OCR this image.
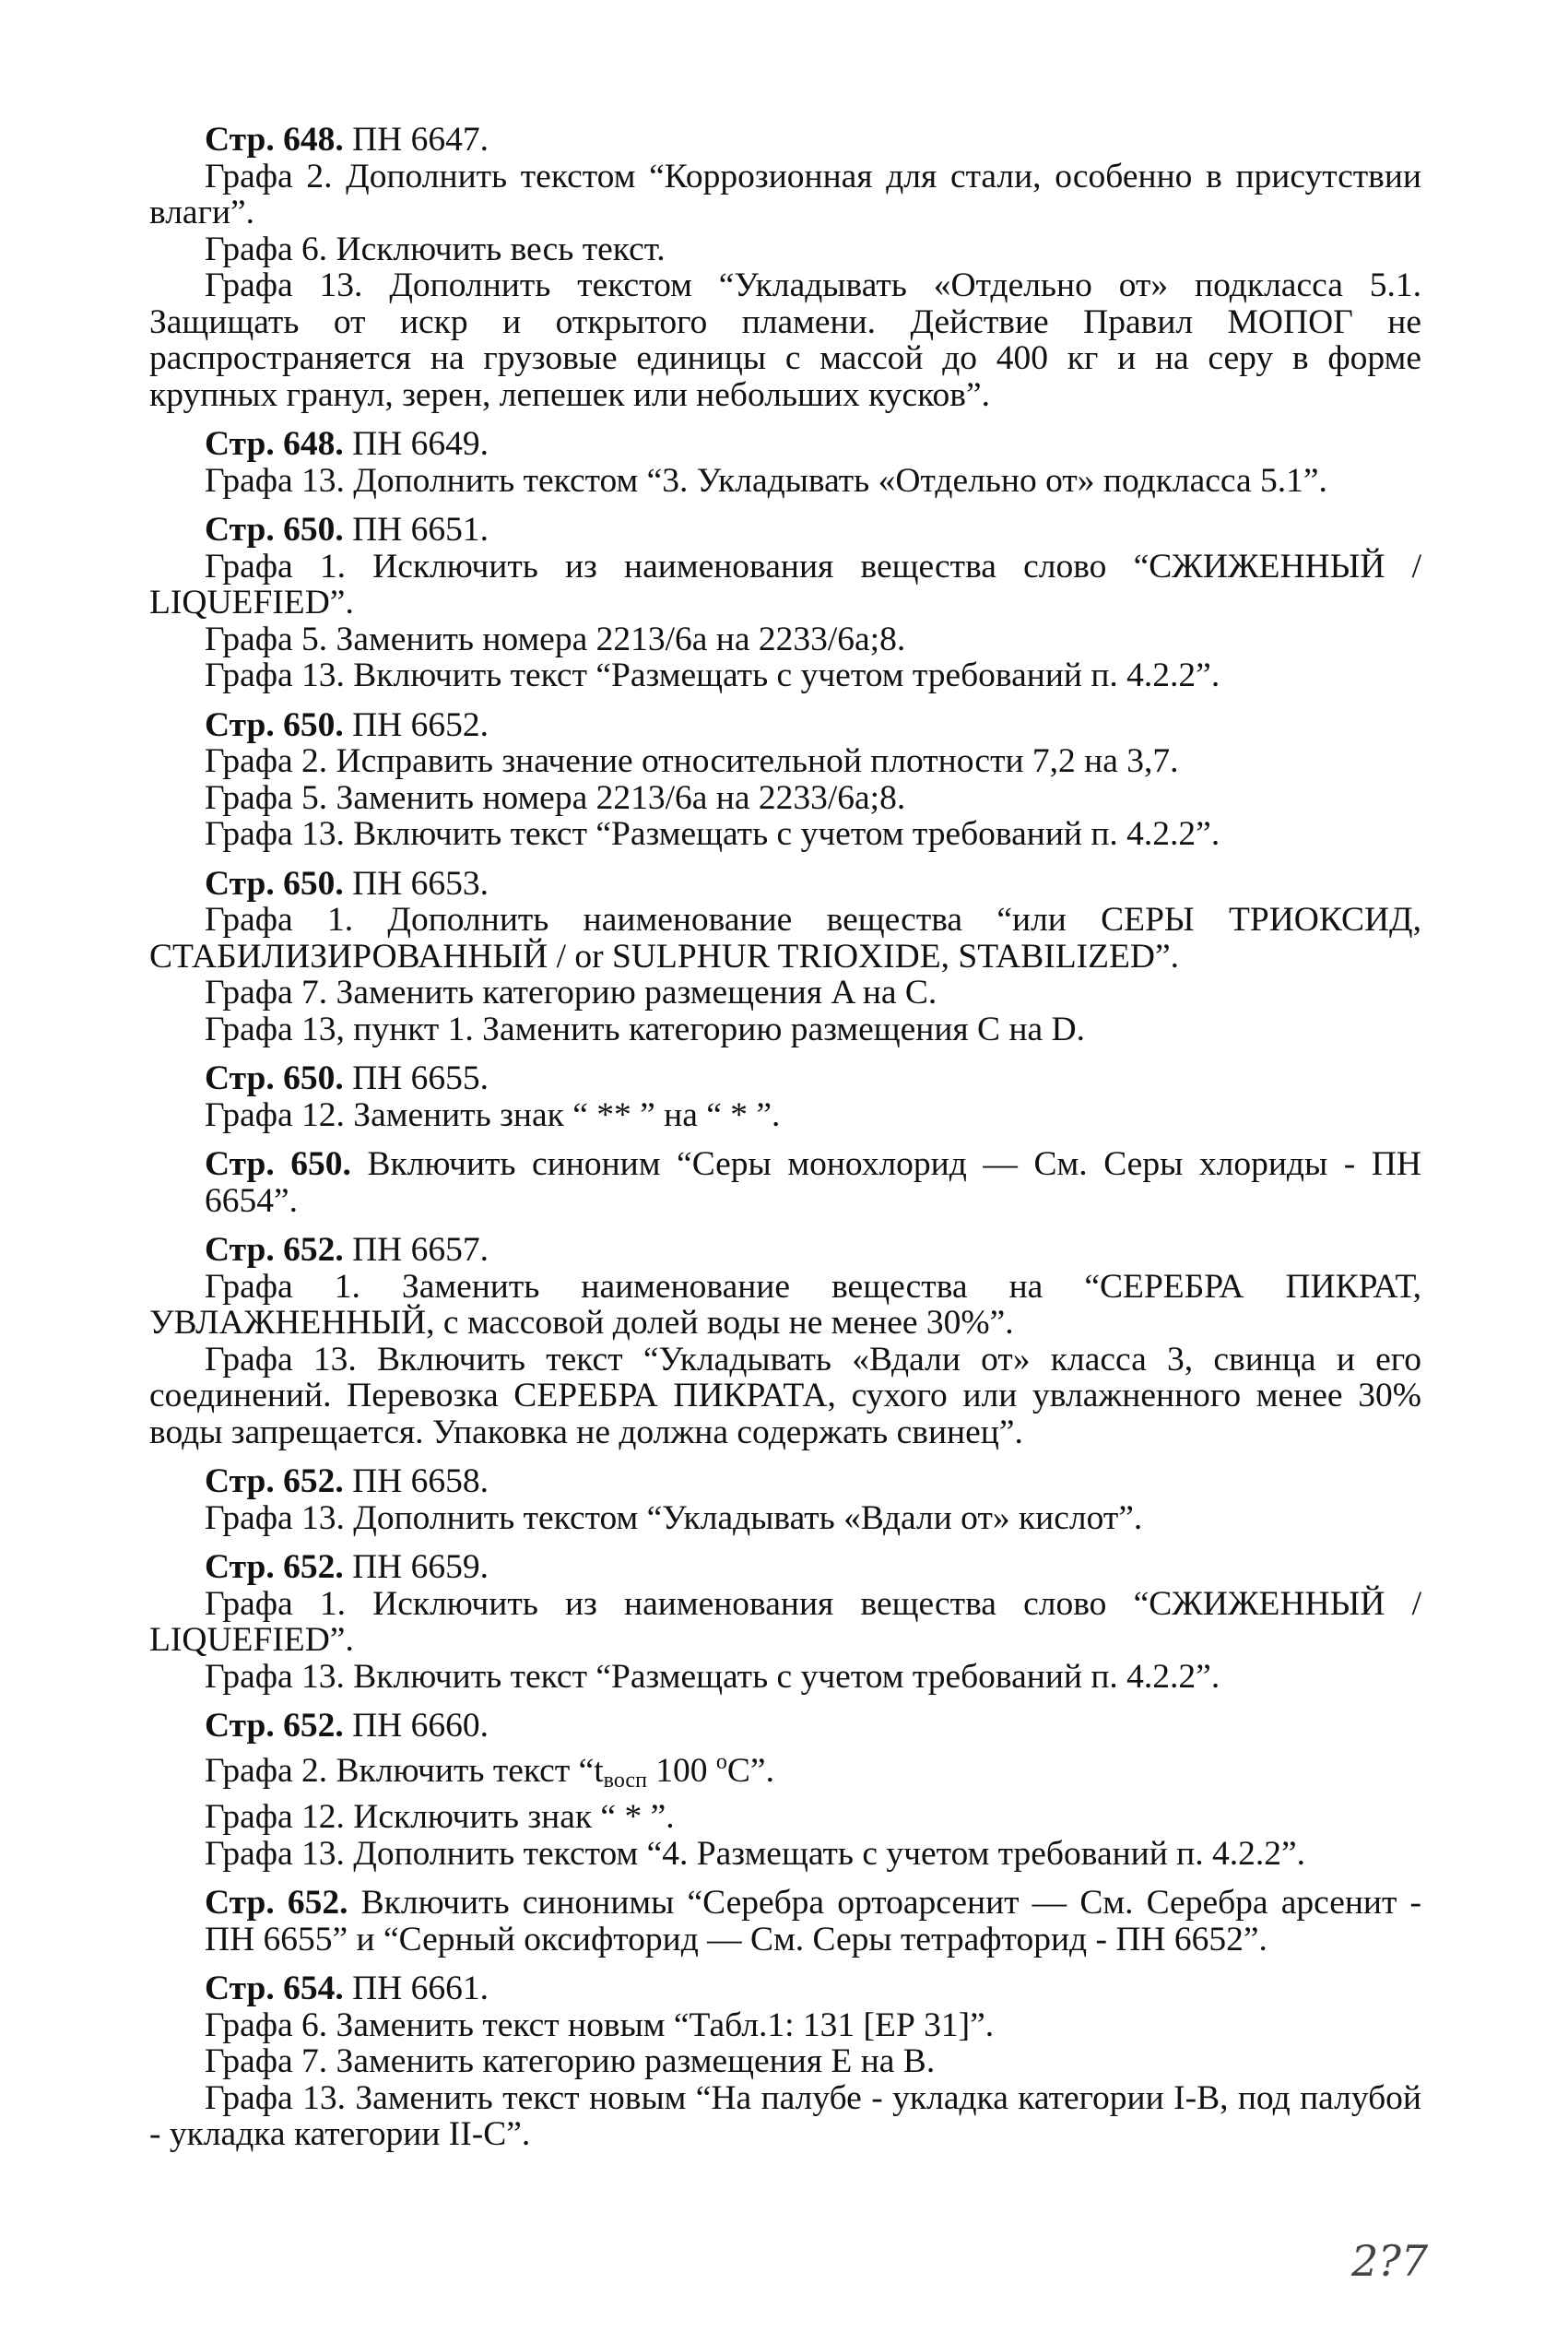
Стр. 648. ПН 6647.
Графа 2. Дополнить текстом “Коррозионная для стали, особенно в присутствии влаги”.
Графа 6. Исключить весь текст.
Графа 13. Дополнить текстом “Укладывать «Отдельно от» подкласса 5.1. Защищать от искр и открытого пламени. Действие Правил МОПОГ не распространяется на грузовые единицы с массой до 400 кг и на серу в форме крупных гранул, зерен, лепешек или небольших кусков”.
Стр. 648. ПН 6649.
Графа 13. Дополнить текстом “3. Укладывать «Отдельно от» подкласса 5.1”.
Стр. 650. ПН 6651.
Графа 1. Исключить из наименования вещества слово “СЖИЖЕННЫЙ / LIQUEFIED”.
Графа 5. Заменить номера 2213/6а на 2233/6а;8.
Графа 13. Включить текст “Размещать с учетом требований п. 4.2.2”.
Стр. 650. ПН 6652.
Графа 2. Исправить значение относительной плотности 7,2 на 3,7.
Графа 5. Заменить номера 2213/6а на 2233/6а;8.
Графа 13. Включить текст “Размещать с учетом требований п. 4.2.2”.
Стр. 650. ПН 6653.
Графа 1. Дополнить наименование вещества “или СЕРЫ ТРИОКСИД, СТАБИЛИЗИРОВАННЫЙ / or SULPHUR TRIOXIDE, STABILIZED”.
Графа 7. Заменить категорию размещения A на С.
Графа 13, пункт 1. Заменить категорию размещения С на D.
Стр. 650. ПН 6655.
Графа 12. Заменить знак “ ** ” на “ * ”.
Стр. 650. Включить синоним “Серы монохлорид — См. Серы хлориды - ПН 6654”.
Стр. 652. ПН 6657.
Графа 1. Заменить наименование вещества на “СЕРЕБРА ПИКРАТ, УВЛАЖНЕННЫЙ, с массовой долей воды не менее 30%”.
Графа 13. Включить текст “Укладывать «Вдали от» класса 3, свинца и его соединений. Перевозка СЕРЕБРА ПИКРАТА, сухого или увлажненного менее 30% воды запрещается. Упаковка не должна содержать свинец”.
Стр. 652. ПН 6658.
Графа 13. Дополнить текстом “Укладывать «Вдали от» кислот”.
Стр. 652. ПН 6659.
Графа 1. Исключить из наименования вещества слово “СЖИЖЕННЫЙ / LIQUEFIED”.
Графа 13. Включить текст “Размещать с учетом требований п. 4.2.2”.
Стр. 652. ПН 6660.
Графа 2. Включить текст “$t_{восп}$ 100 $^o$С”.
Графа 12. Исключить знак “ * ”.
Графа 13. Дополнить текстом “4. Размещать с учетом требований п. 4.2.2”.
Стр. 652. Включить синонимы “Серебра ортоарсенит — См. Серебра арсенит - ПН 6655” и “Серный оксифторид — См. Серы тетрафторид - ПН 6652”.
Стр. 654. ПН 6661.
Графа 6. Заменить текст новым “Табл.1: 131 [ЕР 31]”.
Графа 7. Заменить категорию размещения Е на В.
Графа 13. Заменить текст новым “На палубе - укладка категории I-B, под палубой - укладка категории II-С”.
2?7
